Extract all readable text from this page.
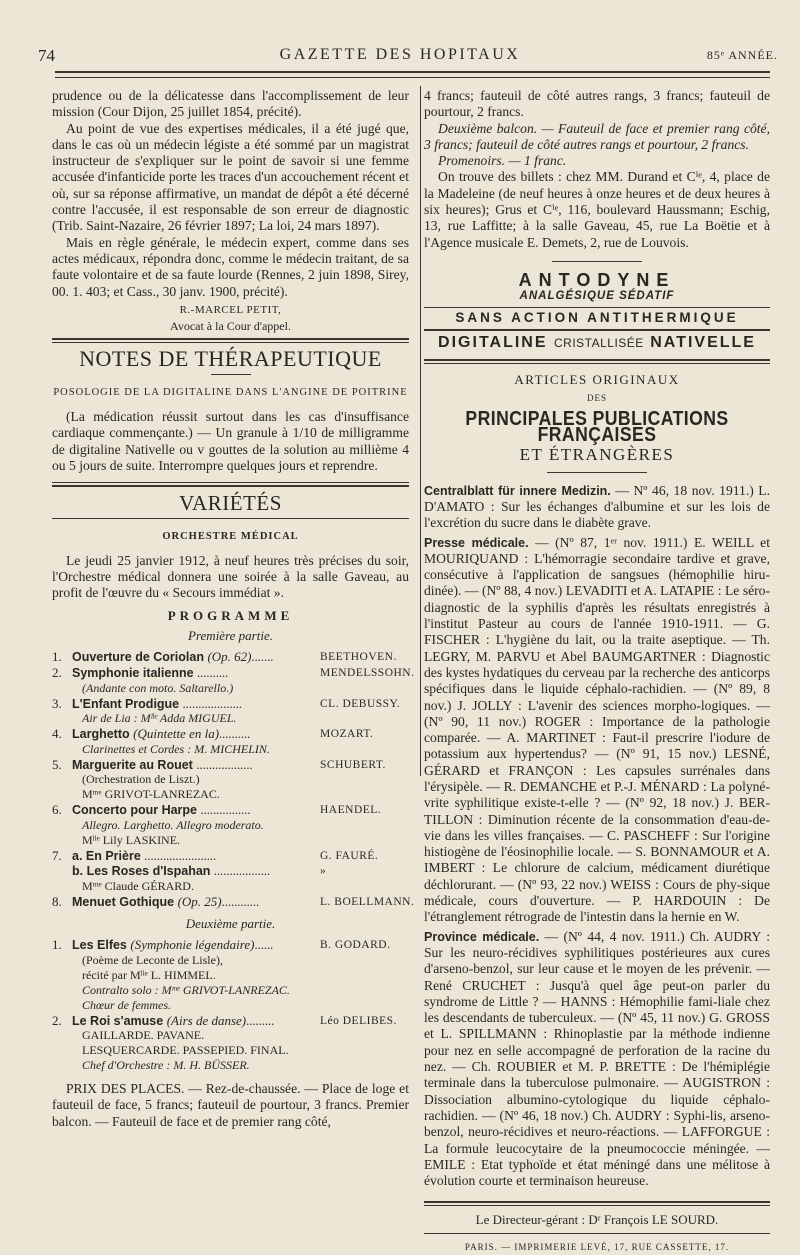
74	GAZETTE DES HOPITAUX	85ᵉ ANNÉE.

prudence ou de la délicatesse dans l'accomplissement de leur mission (Cour Dijon, 25 juillet 1854, précité).

Au point de vue des expertises médicales, il a été jugé que, dans le cas où un médecin légiste a été sommé par un magistrat instructeur de s'expliquer sur le point de savoir si une femme accusée d'infanticide porte les traces d'un accouchement récent et où, sur sa réponse affirmative, un mandat de dépôt a été décerné contre l'accusée, il est responsable de son erreur de diagnostic (Trib. Saint-Nazaire, 26 février 1897; La loi, 24 mars 1897).

Mais en règle générale, le médecin expert, comme dans ses actes médicaux, répondra donc, comme le médecin traitant, de sa faute volontaire et de sa faute lourde (Rennes, 2 juin 1898, Sirey, 00. 1. 403; et Cass., 30 janv. 1900, précité).

R.-MARCEL PETIT,
Avocat à la Cour d'appel.
NOTES DE THÉRAPEUTIQUE
POSOLOGIE DE LA DIGITALINE DANS L'ANGINE DE POITRINE

(La médication réussit surtout dans les cas d'insuffisance cardiaque commençante.) — Un granule à 1/10 de milligramme de digitaline Nativelle ou v gouttes de la solution au millième 4 ou 5 jours de suite. Interrompre quelques jours et reprendre.

VARIÉTÉS
ORCHESTRE MÉDICAL

Le jeudi 25 janvier 1912, à neuf heures très précises du soir, l'Orchestre médical donnera une soirée à la salle Gaveau, au profit de l'œuvre du « Secours immédiat ».

PROGRAMME
Première partie.
1. Ouverture de Coriolan (Op. 62).......	BEETHOVEN.
2. Symphonie italienne ..........	MENDELSSOHN.
(Andante con moto. Saltarello.)
3. L'Enfant Prodigue ...................	CL. DEBUSSY.
Air de Lia : Mˡˡᵉ Adda MIGUEL.
4. Larghetto (Quintette en la)..........	MOZART.
Clarinettes et Cordes : M. MICHELIN.
5. Marguerite au Rouet ..................	SCHUBERT.
(Orchestration de Liszt.)
Mᵐᵉ GRIVOT-LANREZAC.
6. Concerto pour Harpe ................	HAENDEL.
Allegro. Larghetto. Allegro moderato.
Mˡˡᵉ Lily LASKINE.
7. a. En Prière .......................	G. FAURÉ.
b. Les Roses d'Ispahan ..................	»
Mᵐᵉ Claude GÉRARD.
8. Menuet Gothique (Op. 25)............	L. BOELLMANN.
Deuxième partie.
1. Les Elfes (Symphonie légendaire)......	B. GODARD.
(Poème de Leconte de Lisle),
récité par Mˡˡᵉ L. HIMMEL.
Contralto solo : Mᵐᵉ GRIVOT-LANREZAC.
Chœur de femmes.
2. Le Roi s'amuse (Airs de danse).........	Léo DELIBES.
GAILLARDE. PAVANE.
LESQUERCARDE. PASSEPIED. FINAL.
Chef d'Orchestre : M. H. BÜSSER.

PRIX DES PLACES. — Rez-de-chaussée. — Place de loge et fauteuil de face, 5 francs; fauteuil de pourtour, 3 francs. Premier balcon. — Fauteuil de face et de premier rang côté,

4 francs; fauteuil de côté autres rangs, 3 francs; fauteuil de pourtour, 2 francs.

Deuxième balcon. — Fauteuil de face et premier rang côté, 3 francs; fauteuil de côté autres rangs et pourtour, 2 francs.

Promenoirs. — 1 franc.

On trouve des billets : chez MM. Durand et Cⁱᵉ, 4, place de la Madeleine (de neuf heures à onze heures et de deux heures à six heures); Grus et Cⁱᵉ, 116, boulevard Haussmann; Eschig, 13, rue Laffitte; à la salle Gaveau, 45, rue La Boëtie et à l'Agence musicale E. Demets, 2, rue de Louvois.

ANTODYNE
ANALGÉSIQUE SÉDATIF
SANS ACTION ANTITHERMIQUE
DIGITALINE CRISTALLISÉE NATIVELLE
ARTICLES ORIGINAUX
DES
PRINCIPALES PUBLICATIONS FRANÇAISES
ET ÉTRANGÈRES

Centralblatt für innere Medizin. — Nº 46, 18 nov. 1911.) L. D'AMATO : Sur les échanges d'albumine et sur les lois de l'excrétion du sucre dans le diabète grave.

Presse médicale. — (Nº 87, 1ᵉʳ nov. 1911.) E. WEILL et MOURIQUAND : L'hémorragie secondaire tardive et grave, consécutive à l'application de sangsues (hémophilie hiru-dinée). — (Nº 88, 4 nov.) LEVADITI et A. LATAPIE : Le séro-diagnostic de la syphilis d'après les résultats enregistrés à l'institut Pasteur au cours de l'année 1910-1911. — G. FISCHER : L'hygiène du lait, ou la traite aseptique. — Th. LEGRY, M. PARVU et Abel BAUMGARTNER : Diagnostic des kystes hydatiques du cerveau par la recherche des anticorps spécifiques dans le liquide céphalo-rachidien. — (Nº 89, 8 nov.) J. JOLLY : L'avenir des sciences morpho-logiques. — (Nº 90, 11 nov.) ROGER : Importance de la pathologie comparée. — A. MARTINET : Faut-il prescrire l'iodure de potassium aux hypertendus? — (Nº 91, 15 nov.) LESNÉ, GÉRARD et FRANÇON : Les capsules surrénales dans l'érysipèle. — R. DEMANCHE et P.-J. MÉNARD : La polyné-vrite syphilitique existe-t-elle ? — (Nº 92, 18 nov.) J. BER-TILLON : Diminution récente de la consommation d'eau-de-vie dans les villes françaises. — C. PASCHEFF : Sur l'origine histiogène de l'éosinophilie locale. — S. BONNAMOUR et A. IMBERT : Le chlorure de calcium, médicament diurétique déchlorurant. — (Nº 93, 22 nov.) WEISS : Cours de phy-sique médicale, cours d'ouverture. — P. HARDOUIN : De l'étranglement rétrograde de l'intestin dans la hernie en W.

Province médicale. — (Nº 44, 4 nov. 1911.) Ch. AUDRY : Sur les neuro-récidives syphilitiques postérieures aux cures d'arseno-benzol, sur leur cause et le moyen de les prévenir. — René CRUCHET : Jusqu'à quel âge peut-on parler du syndrome de Little ? — HANNS : Hémophilie fami-liale chez les descendants de tuberculeux. — (Nº 45, 11 nov.) G. GROSS et L. SPILLMANN : Rhinoplastie par la méthode indienne pour nez en selle accompagné de perforation de la racine du nez. — Ch. ROUBIER et M. P. BRETTE : De l'hémiplégie terminale dans la tuberculose pulmonaire. — AUGISTRON : Dissociation albumino-cytologique du liquide céphalo-rachidien. — (Nº 46, 18 nov.) Ch. AUDRY : Syphi-lis, arseno-benzol, neuro-récidives et neuro-réactions. — LAFFORGUE : La formule leucocytaire de la pneumococcie méningée. — EMILE : Etat typhoïde et état méningé dans une mélitose à évolution courte et terminaison heureuse.

Le Directeur-gérant : Dʳ François LE SOURD.
PARIS. — IMPRIMERIE LEVÉ, 17, RUE CASSETTE, 17.
